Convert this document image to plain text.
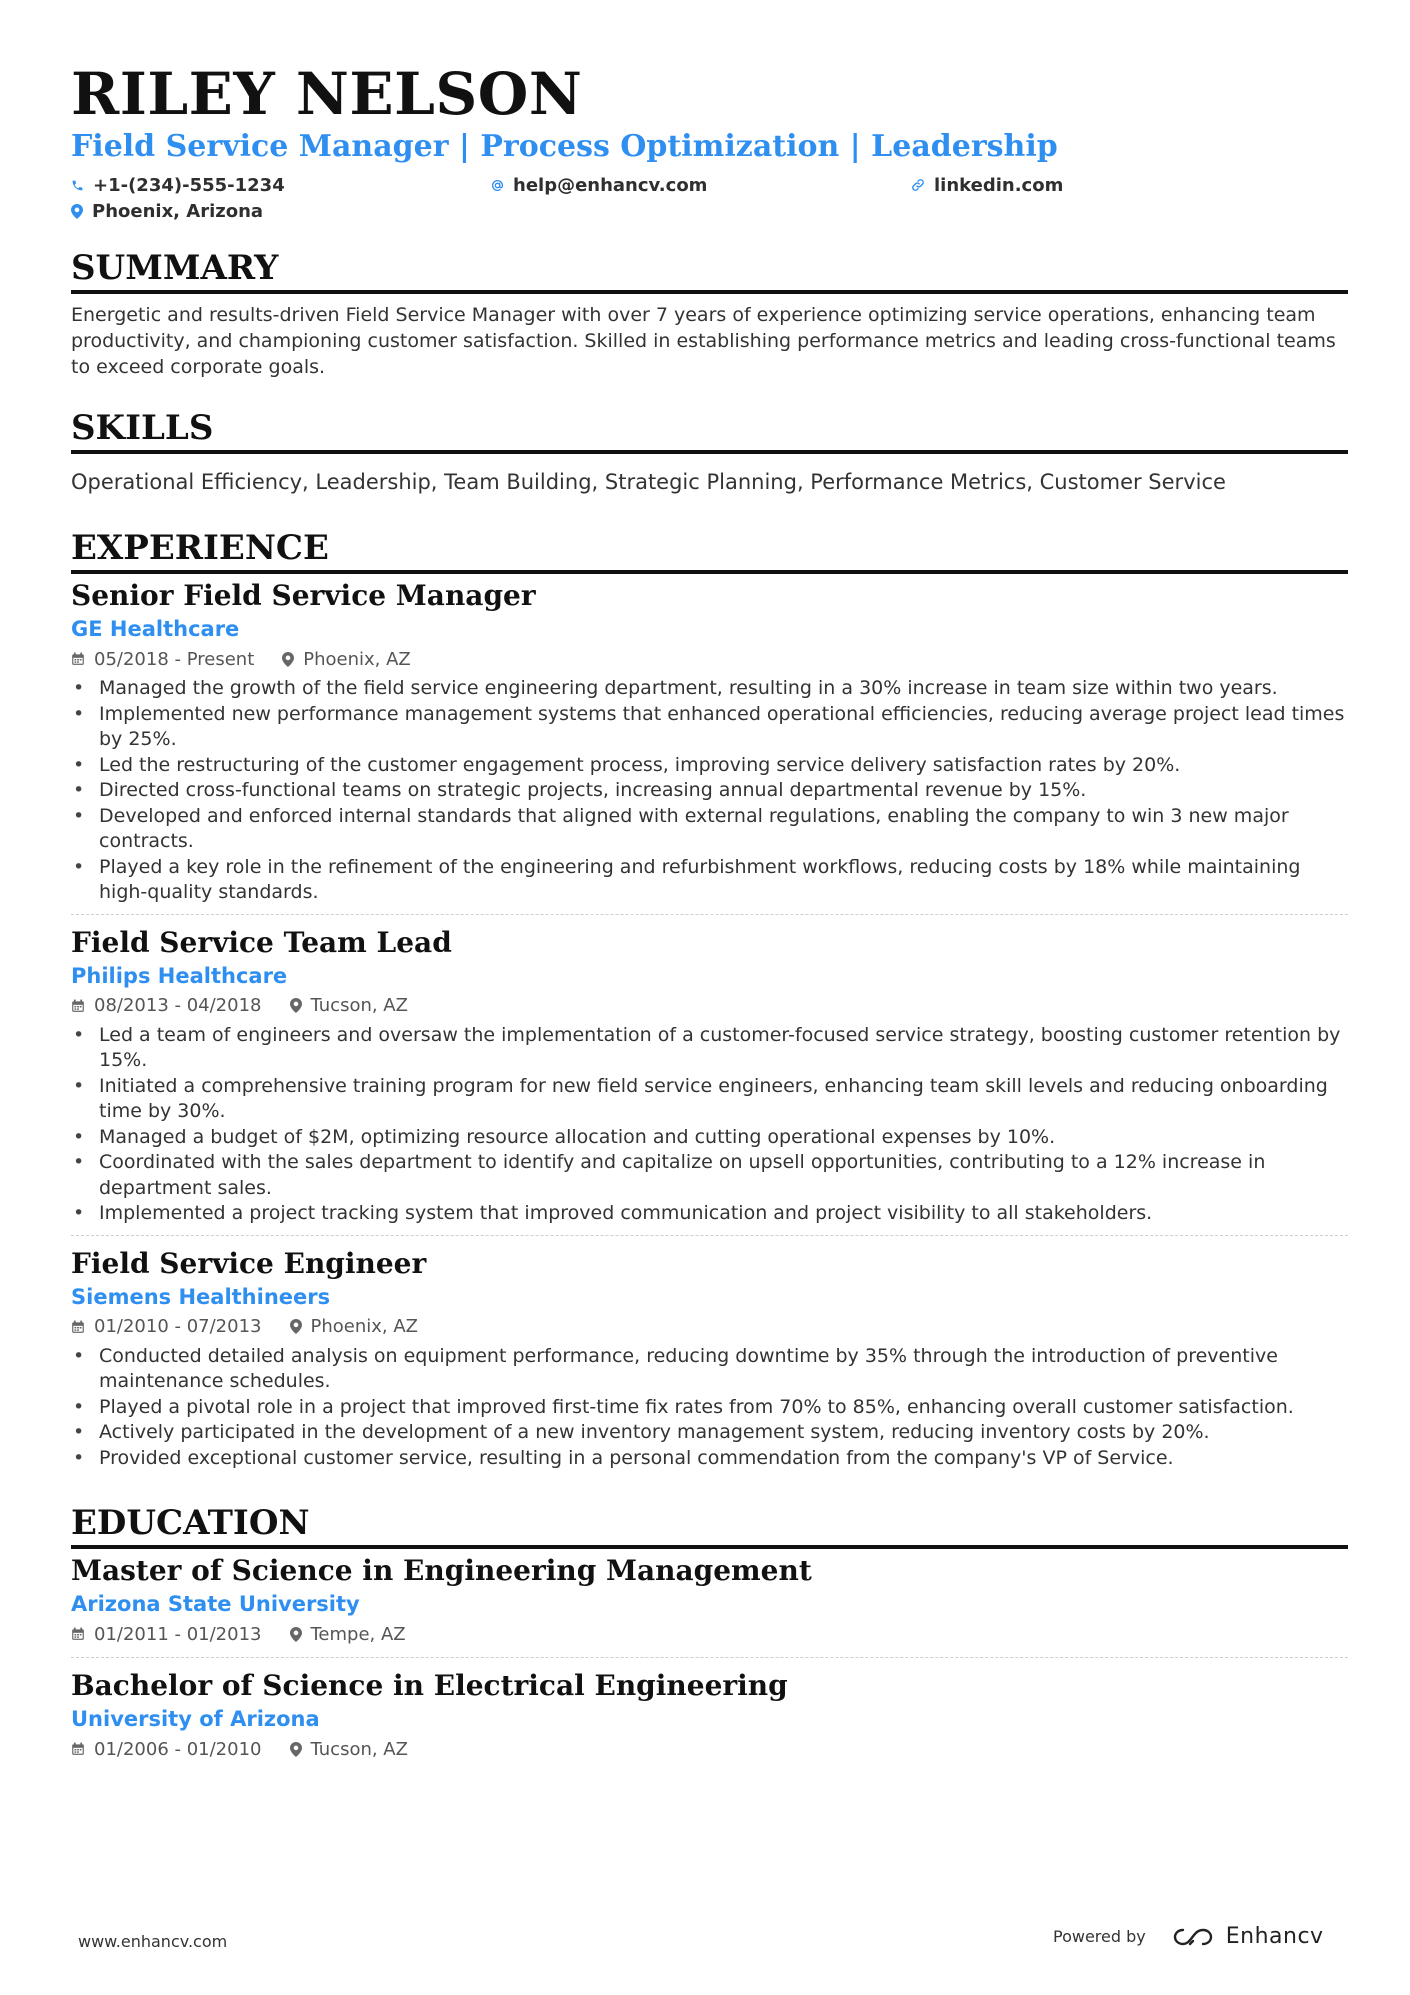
RILEY NELSON
Field Service Manager | Process Optimization | Leadership
+1-(234)-555-1234	help@enhancv.com	linkedin.com
Phoenix, Arizona
SUMMARY
Energetic and results-driven Field Service Manager with over 7 years of experience optimizing service operations, enhancing team productivity, and championing customer satisfaction. Skilled in establishing performance metrics and leading cross-functional teams to exceed corporate goals.
SKILLS
Operational Efficiency, Leadership, Team Building, Strategic Planning, Performance Metrics, Customer Service
EXPERIENCE
Senior Field Service Manager
GE Healthcare
05/2018 - Present	Phoenix, AZ
• Managed the growth of the field service engineering department, resulting in a 30% increase in team size within two years.
• Implemented new performance management systems that enhanced operational efficiencies, reducing average project lead times by 25%.
• Led the restructuring of the customer engagement process, improving service delivery satisfaction rates by 20%.
• Directed cross-functional teams on strategic projects, increasing annual departmental revenue by 15%.
• Developed and enforced internal standards that aligned with external regulations, enabling the company to win 3 new major contracts.
• Played a key role in the refinement of the engineering and refurbishment workflows, reducing costs by 18% while maintaining high-quality standards.
Field Service Team Lead
Philips Healthcare
08/2013 - 04/2018	Tucson, AZ
• Led a team of engineers and oversaw the implementation of a customer-focused service strategy, boosting customer retention by 15%.
• Initiated a comprehensive training program for new field service engineers, enhancing team skill levels and reducing onboarding time by 30%.
• Managed a budget of $2M, optimizing resource allocation and cutting operational expenses by 10%.
• Coordinated with the sales department to identify and capitalize on upsell opportunities, contributing to a 12% increase in department sales.
• Implemented a project tracking system that improved communication and project visibility to all stakeholders.
Field Service Engineer
Siemens Healthineers
01/2010 - 07/2013	Phoenix, AZ
• Conducted detailed analysis on equipment performance, reducing downtime by 35% through the introduction of preventive maintenance schedules.
• Played a pivotal role in a project that improved first-time fix rates from 70% to 85%, enhancing overall customer satisfaction.
• Actively participated in the development of a new inventory management system, reducing inventory costs by 20%.
• Provided exceptional customer service, resulting in a personal commendation from the company's VP of Service.
EDUCATION
Master of Science in Engineering Management
Arizona State University
01/2011 - 01/2013	Tempe, AZ
Bachelor of Science in Electrical Engineering
University of Arizona
01/2006 - 01/2010	Tucson, AZ
www.enhancv.com	Powered by	Enhancv
